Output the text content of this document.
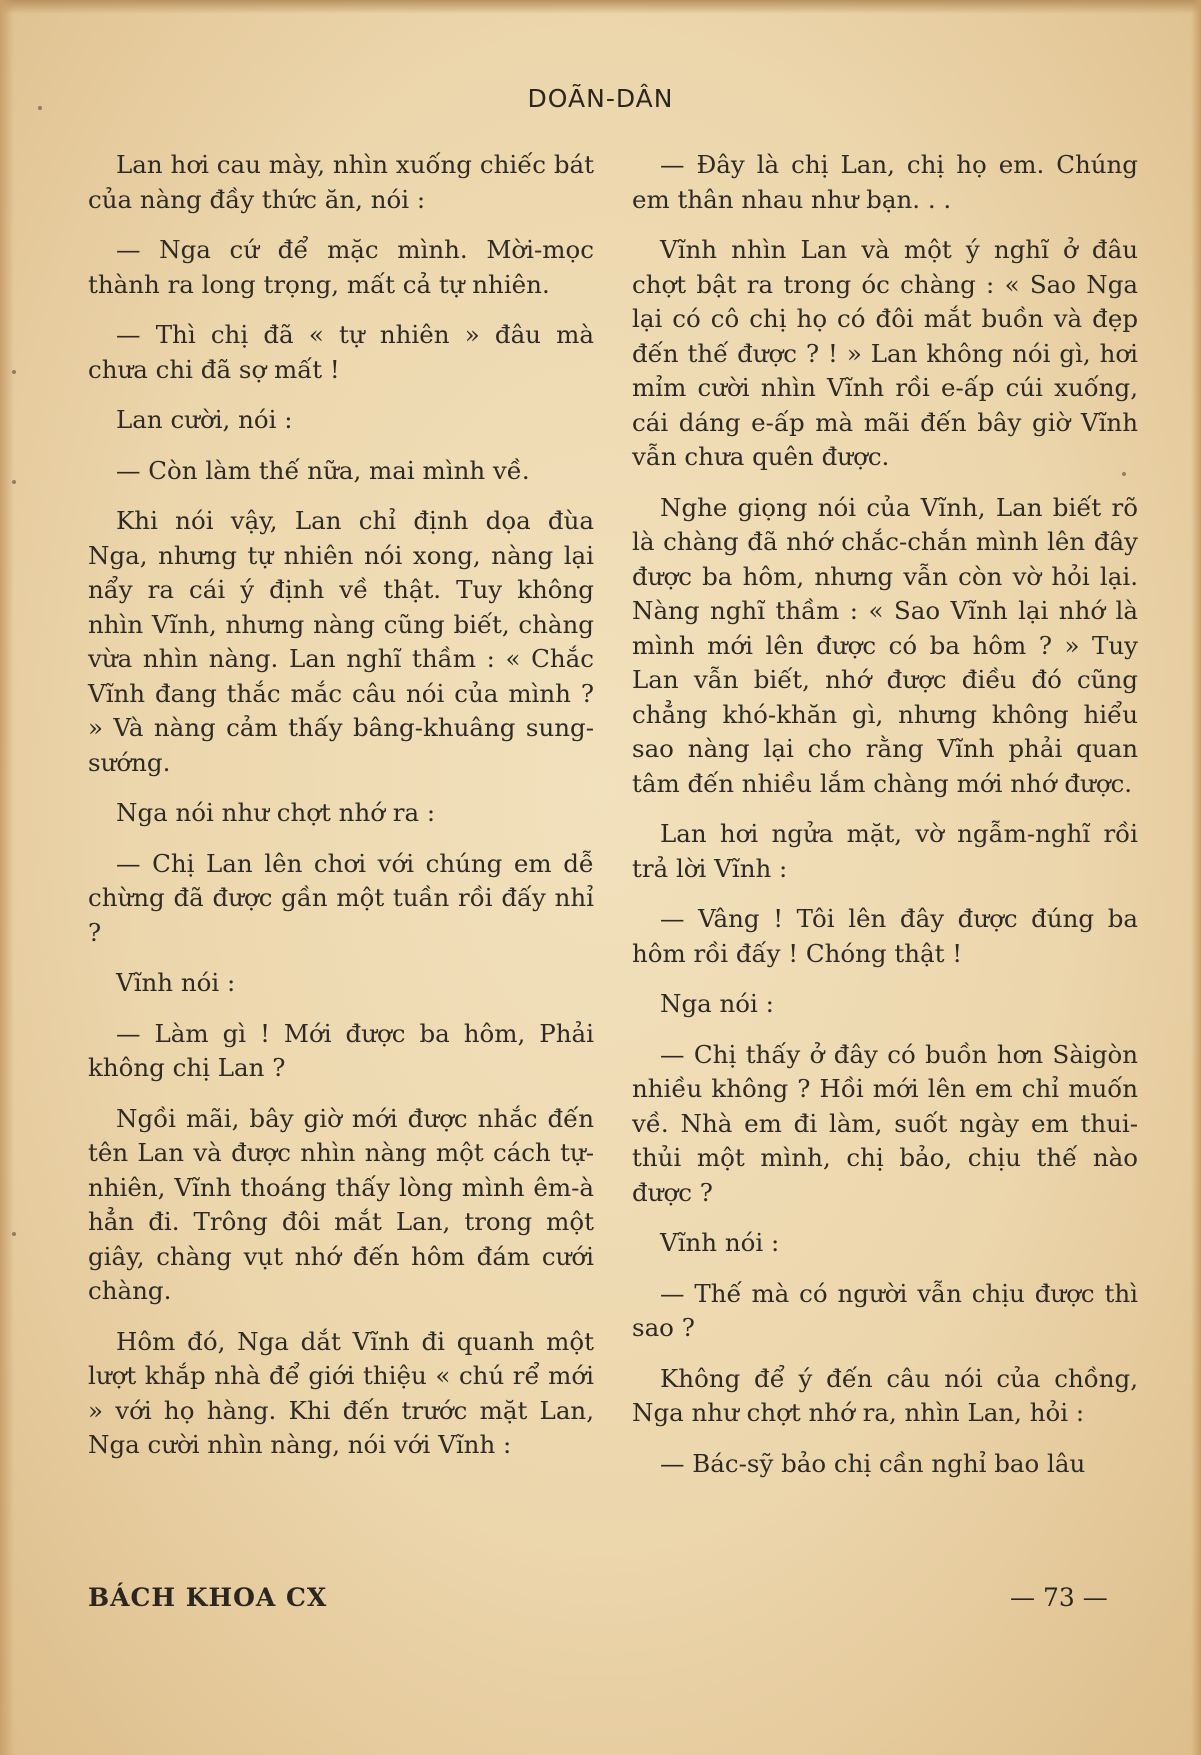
DOÃN-DÂN

Lan hơi cau mày, nhìn xuống chiếc bát của nàng đầy thức ăn, nói :

— Nga cứ để mặc mình. Mời-mọc thành ra long trọng, mất cả tự nhiên.

— Thì chị đã « tự nhiên » đâu mà chưa chi đã sợ mất !

Lan cười, nói :

— Còn làm thế nữa, mai mình về.

Khi nói vậy, Lan chỉ định dọa đùa Nga, nhưng tự nhiên nói xong, nàng lại nẩy ra cái ý định về thật. Tuy không nhìn Vĩnh, nhưng nàng cũng biết, chàng vừa nhìn nàng. Lan nghĩ thầm : « Chắc Vĩnh đang thắc mắc câu nói của mình ? » Và nàng cảm thấy bâng-khuâng sung-sướng.

Nga nói như chợt nhớ ra :

— Chị Lan lên chơi với chúng em dễ chừng đã được gần một tuần rồi đấy nhỉ ?

Vĩnh nói :

— Làm gì ! Mới được ba hôm, Phải không chị Lan ?

Ngồi mãi, bây giờ mới được nhắc đến tên Lan và được nhìn nàng một cách tự-nhiên, Vĩnh thoáng thấy lòng mình êm-à hẳn đi. Trông đôi mắt Lan, trong một giây, chàng vụt nhớ đến hôm đám cưới chàng.

Hôm đó, Nga dắt Vĩnh đi quanh một lượt khắp nhà để giới thiệu « chú rể mới » với họ hàng. Khi đến trước mặt Lan, Nga cười nhìn nàng, nói với Vĩnh :

— Đây là chị Lan, chị họ em. Chúng em thân nhau như bạn. . .

Vĩnh nhìn Lan và một ý nghĩ ở đâu chợt bật ra trong óc chàng : « Sao Nga lại có cô chị họ có đôi mắt buồn và đẹp đến thế được ? ! » Lan không nói gì, hơi mỉm cười nhìn Vĩnh rồi e-ấp cúi xuống, cái dáng e-ấp mà mãi đến bây giờ Vĩnh vẫn chưa quên được.

Nghe giọng nói của Vĩnh, Lan biết rõ là chàng đã nhớ chắc-chắn mình lên đây được ba hôm, nhưng vẫn còn vờ hỏi lại. Nàng nghĩ thầm : « Sao Vĩnh lại nhớ là mình mới lên được có ba hôm ? » Tuy Lan vẫn biết, nhớ được điều đó cũng chẳng khó-khăn gì, nhưng không hiểu sao nàng lại cho rằng Vĩnh phải quan tâm đến nhiều lắm chàng mới nhớ được.

Lan hơi ngửa mặt, vờ ngẫm-nghĩ rồi trả lời Vĩnh :

— Vâng ! Tôi lên đây được đúng ba hôm rồi đấy ! Chóng thật !

Nga nói :

— Chị thấy ở đây có buồn hơn Sàigòn nhiều không ? Hồi mới lên em chỉ muốn về. Nhà em đi làm, suốt ngày em thui-thủi một mình, chị bảo, chịu thế nào được ?

Vĩnh nói :

— Thế mà có người vẫn chịu được thì sao ?

Không để ý đến câu nói của chồng, Nga như chợt nhớ ra, nhìn Lan, hỏi :

— Bác-sỹ bảo chị cần nghỉ bao lâu

BÁCH KHOA CX	— 73 —
